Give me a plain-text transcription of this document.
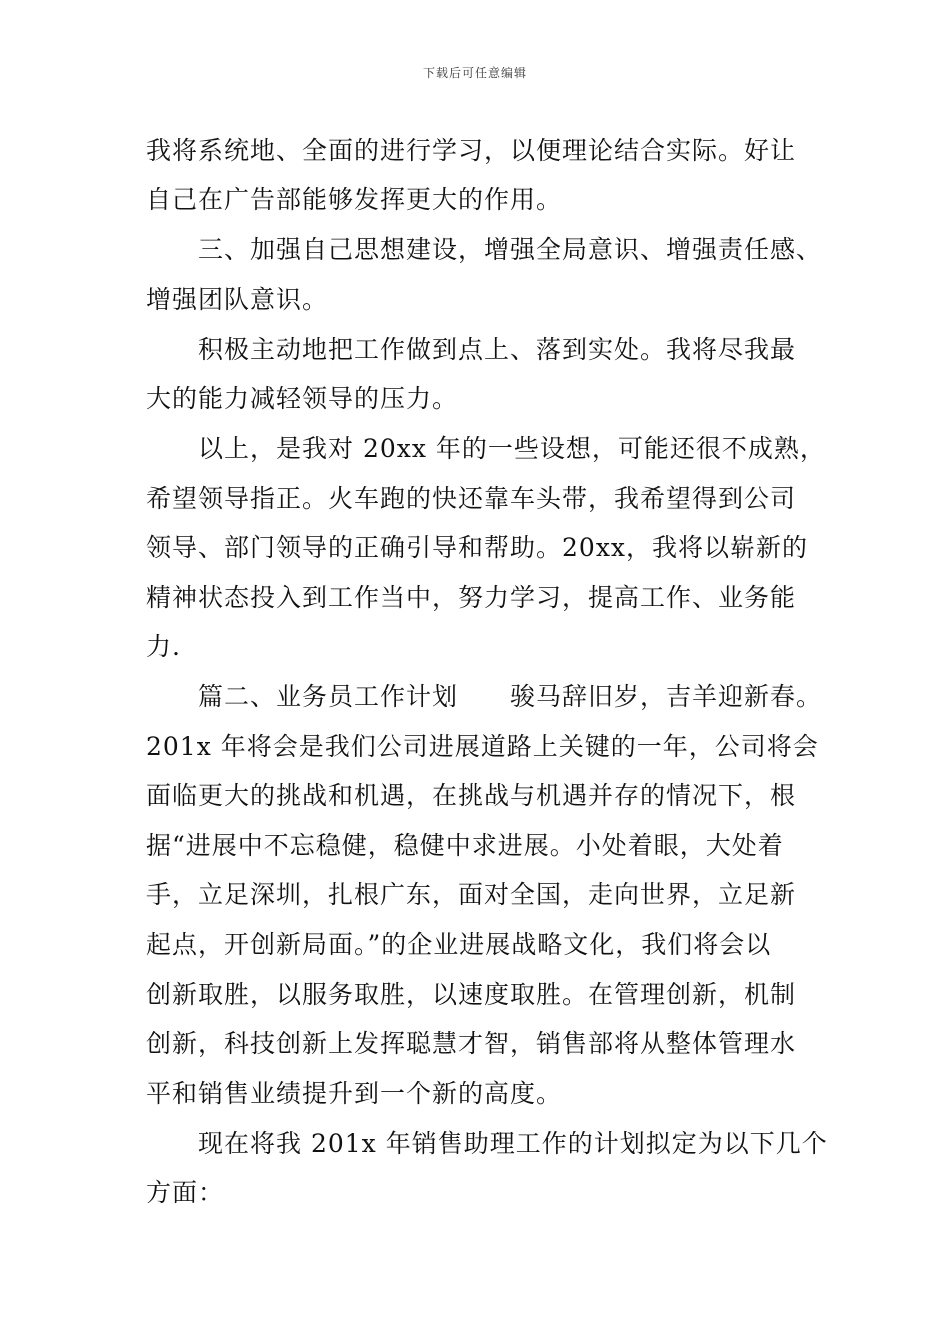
下载后可任意编辑
我将系统地、全面的进行学习，以便理论结合实际。好让
自己在广告部能够发挥更大的作用。
三、加强自己思想建设，增强全局意识、增强责任感、
增强团队意识。
积极主动地把工作做到点上、落到实处。我将尽我最
大的能力减轻领导的压力。
以上，是我对 20xx 年的一些设想，可能还很不成熟，
希望领导指正。火车跑的快还靠车头带，我希望得到公司
领导、部门领导的正确引导和帮助。20xx，我将以崭新的
精神状态投入到工作当中，努力学习，提高工作、业务能
力.
篇二、业务员工作计划　　骏马辞旧岁，吉羊迎新春。
201x 年将会是我们公司进展道路上关键的一年，公司将会
面临更大的挑战和机遇，在挑战与机遇并存的情况下，根
据“进展中不忘稳健，稳健中求进展。小处着眼，大处着
手，立足深圳，扎根广东，面对全国，走向世界，立足新
起点，开创新局面。”的企业进展战略文化，我们将会以
创新取胜，以服务取胜，以速度取胜。在管理创新，机制
创新，科技创新上发挥聪慧才智，销售部将从整体管理水
平和销售业绩提升到一个新的高度。
现在将我 201x 年销售助理工作的计划拟定为以下几个
方面：
